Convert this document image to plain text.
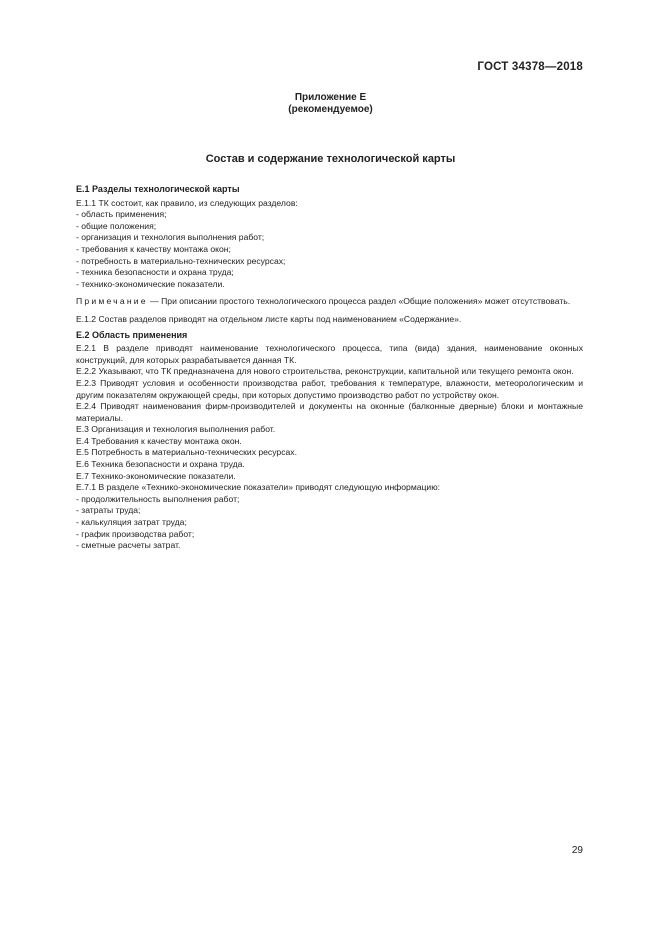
ГОСТ 34378—2018
Приложение Е
(рекомендуемое)
Состав и содержание технологической карты

Е.1 Разделы технологической карты

Е.1.1 ТК состоит, как правило, из следующих разделов:

- область применения;

- общие положения;

- организация и технология выполнения работ;

- требования к качеству монтажа окон;

- потребность в материально-технических ресурсах;

- техника безопасности и охрана труда;

- технико-экономические показатели.

Примечание — При описании простого технологического процесса раздел «Общие положения» может отсутствовать.

Е.1.2 Состав разделов приводят на отдельном листе карты под наименованием «Содержание».

Е.2 Область применения

Е.2.1 В разделе приводят наименование технологического процесса, типа (вида) здания, наименование оконных конструкций, для которых разрабатывается данная ТК.

Е.2.2 Указывают, что ТК предназначена для нового строительства, реконструкции, капитальной или текущего ремонта окон.

Е.2.3 Приводят условия и особенности производства работ, требования к температуре, влажности, метеорологическим и другим показателям окружающей среды, при которых допустимо производство работ по устройству окон.

Е.2.4 Приводят наименования фирм-производителей и документы на оконные (балконные дверные) блоки и монтажные материалы.

Е.3 Организация и технология выполнения работ.

Е.4 Требования к качеству монтажа окон.

Е.5 Потребность в материально-технических ресурсах.

Е.6 Техника безопасности и охрана труда.

Е.7 Технико-экономические показатели.

Е.7.1 В разделе «Технико-экономические показатели» приводят следующую информацию:

- продолжительность выполнения работ;

- затраты труда;

- калькуляция затрат труда;

- график производства работ;

- сметные расчеты затрат.

29
